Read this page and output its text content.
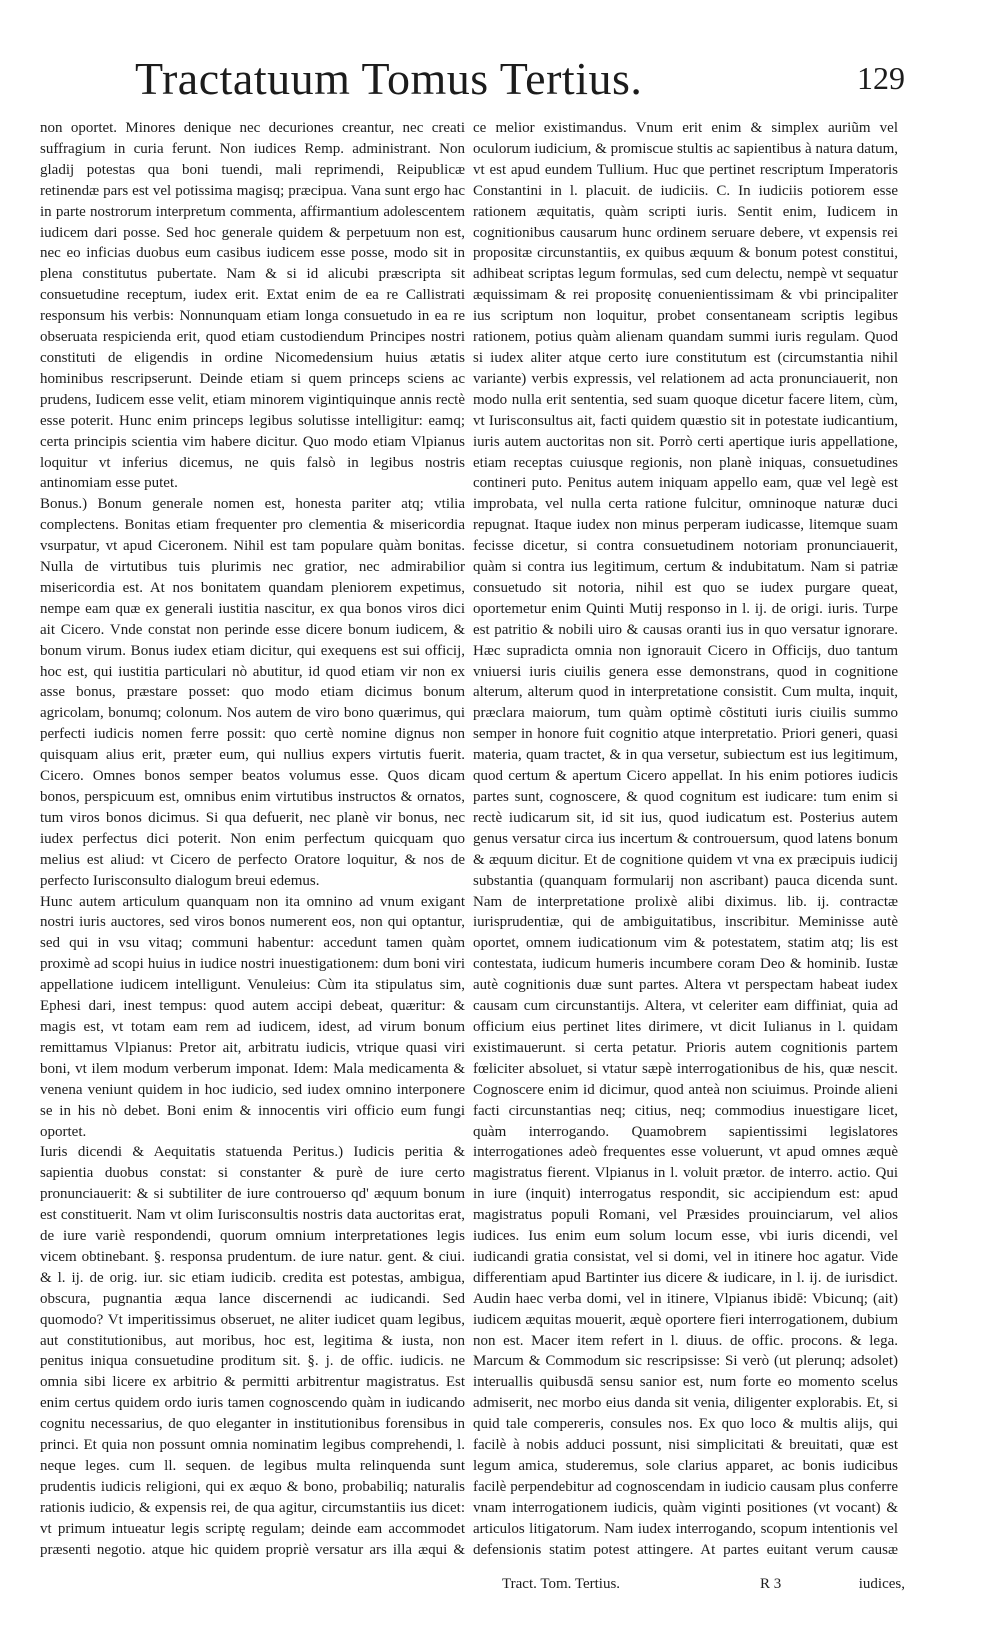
Tractatuum Tomus Tertius.	129

non oportet. Minores denique nec decuriones creantur, nec creati suffragium in curia ferunt. Non iudices Remp. administrant. Non gladij potestas qua boni tuendi, mali reprimendi, Reipublicæ retinendæ pars est vel potissima magisq; præcipua. Vana sunt ergo hac in parte nostrorum interpretum commenta, affirmantium adolescentem iudicem dari posse. Sed hoc generale quidem & perpetuum non est, nec eo inficias duobus eum casibus iudicem esse posse, modo sit in plena constitutus pubertate. Nam & si id alicubi præscripta sit consuetudine receptum, iudex erit. Extat enim de ea re Callistrati responsum his verbis: Nonnunquam etiam longa consuetudo in ea re obseruata respicienda erit, quod etiam custodiendum Principes nostri constituti de eligendis in ordine Nicomedensium huius ætatis hominibus rescripserunt. Deinde etiam si quem princeps sciens ac prudens, Iudicem esse velit, etiam minorem vigintiquinque annis rectè esse poterit. Hunc enim princeps legibus solutisse intelligitur: eamq; certa principis scientia vim habere dicitur. Quo modo etiam Vlpianus loquitur vt inferius dicemus, ne quis falsò in legibus nostris antinomiam esse putet.

Bonus.) Bonum generale nomen est, honesta pariter atq; vtilia complectens. Bonitas etiam frequenter pro clementia & misericordia vsurpatur, vt apud Ciceronem. Nihil est tam populare quàm bonitas. Nulla de virtutibus tuis plurimis nec gratior, nec admirabilior misericordia est. At nos bonitatem quandam pleniorem expetimus, nempe eam quæ ex generali iustitia nascitur, ex qua bonos viros dici ait Cicero. Vnde constat non perinde esse dicere bonum iudicem, & bonum virum. Bonus iudex etiam dicitur, qui exequens est sui officij, hoc est, qui iustitia particulari nò abutitur, id quod etiam vir non ex asse bonus, præstare posset: quo modo etiam dicimus bonum agricolam, bonumq; colonum. Nos autem de viro bono quærimus, qui perfecti iudicis nomen ferre possit: quo certè nomine dignus non quisquam alius erit, præter eum, qui nullius expers virtutis fuerit. Cicero. Omnes bonos semper beatos volumus esse. Quos dicam bonos, perspicuum est, omnibus enim virtutibus instructos & ornatos, tum viros bonos dicimus. Si qua defuerit, nec planè vir bonus, nec iudex perfectus dici poterit. Non enim perfectum quicquam quo melius est aliud: vt Cicero de perfecto Oratore loquitur, & nos de perfecto Iurisconsulto dialogum breui edemus.

Hunc autem articulum quanquam non ita omnino ad vnum exigant nostri iuris auctores, sed viros bonos numerent eos, non qui optantur, sed qui in vsu vitaq; communi habentur: accedunt tamen quàm proximè ad scopi huius in iudice nostri inuestigationem: dum boni viri appellatione iudicem intelligunt. Venuleius: Cùm ita stipulatus sim, Ephesi dari, inest tempus: quod autem accipi debeat, quæritur: & magis est, vt totam eam rem ad iudicem, idest, ad virum bonum remittamus Vlpianus: Pretor ait, arbitratu iudicis, vtrique quasi viri boni, vt ilem modum verberum imponat. Idem: Mala medicamenta & venena veniunt quidem in hoc iudicio, sed iudex omnino interponere se in his nò debet. Boni enim & innocentis viri officio eum fungi oportet.

Iuris dicendi & Aequitatis statuenda Peritus.) Iudicis peritia & sapientia duobus constat: si constanter & purè de iure certo pronunciauerit: & si subtiliter de iure controuerso qd' æquum bonum est constituerit. Nam vt olim Iurisconsultis nostris data auctoritas erat, de iure variè respondendi, quorum omnium interpretationes legis vicem obtinebant. §. responsa prudentum. de iure natur. gent. & ciui. & l. ij. de orig. iur. sic etiam iudicib. credita est potestas, ambigua, obscura, pugnantia æqua lance discernendi ac iudicandi. Sed quomodo? Vt imperitissimus obseruet, ne aliter iudicet quam legibus, aut constitutionibus, aut moribus, hoc est, legitima & iusta, non penitus iniqua consuetudine proditum sit. §. j. de offic. iudicis. ne omnia sibi licere ex arbitrio & permitti arbitrentur magistratus. Est enim certus quidem ordo iuris tamen cognoscendo quàm in iudicando cognitu necessarius, de quo eleganter in institutionibus forensibus in princi. Et quia non possunt omnia nominatim legibus comprehendi, l. neque leges. cum ll. sequen. de legibus multa relinquenda sunt prudentis iudicis religioni, qui ex æquo & bono, probabiliq; naturalis rationis iudicio, & expensis rei, de qua agitur, circumstantiis ius dicet: vt primum intueatur legis scriptę regulam; deinde eam accommodet præsenti negotio. atque hic quidem propriè versatur ars illa æqui &

ce melior existimandus. Vnum erit enim & simplex auriũm vel oculorum iudicium, & promiscue stultis ac sapientibus à natura datum, vt est apud eundem Tullium. Huc que pertinet rescriptum Imperatoris Constantini in l. placuit. de iudiciis. C. In iudiciis potiorem esse rationem æquitatis, quàm scripti iuris. Sentit enim, Iudicem in cognitionibus causarum hunc ordinem seruare debere, vt expensis rei propositæ circunstantiis, ex quibus æquum & bonum potest constitui, adhibeat scriptas legum formulas, sed cum delectu, nempè vt sequatur æquissimam & rei propositę conuenientissimam & vbi principaliter ius scriptum non loquitur, probet consentaneam scriptis legibus rationem, potius quàm alienam quandam summi iuris regulam. Quod si iudex aliter atque certo iure constitutum est (circumstantia nihil variante) verbis expressis, vel relationem ad acta pronunciauerit, non modo nulla erit sententia, sed suam quoque dicetur facere litem, cùm, vt Iurisconsultus ait, facti quidem quæstio sit in potestate iudicantium, iuris autem auctoritas non sit. Porrò certi apertique iuris appellatione, etiam receptas cuiusque regionis, non planè iniquas, consuetudines contineri puto. Penitus autem iniquam appello eam, quæ vel legè est improbata, vel nulla certa ratione fulcitur, omninoque naturæ duci repugnat. Itaque iudex non minus perperam iudicasse, litemque suam fecisse dicetur, si contra consuetudinem notoriam pronunciauerit, quàm si contra ius legitimum, certum & indubitatum. Nam si patriæ consuetudo sit notoria, nihil est quo se iudex purgare queat, oportemetur enim Quinti Mutij responso in l. ij. de origi. iuris. Turpe est patritio & nobili uiro & causas oranti ius in quo versatur ignorare. Hæc supradicta omnia non ignorauit Cicero in Officijs, duo tantum vniuersi iuris ciuilis genera esse demonstrans, quod in cognitione alterum, alterum quod in interpretatione consistit. Cum multa, inquit, præclara maiorum, tum quàm optimè cõstituti iuris ciuilis summo semper in honore fuit cognitio atque interpretatio. Priori generi, quasi materia, quam tractet, & in qua versetur, subiectum est ius legitimum, quod certum & apertum Cicero appellat. In his enim potiores iudicis partes sunt, cognoscere, & quod cognitum est iudicare: tum enim si rectè iudicarum sit, id sit ius, quod iudicatum est. Posterius autem genus versatur circa ius incertum & controuersum, quod latens bonum & æquum dicitur. Et de cognitione quidem vt vna ex præcipuis iudicij substantia (quanquam formularij non ascribant) pauca dicenda sunt. Nam de interpretatione prolixè alibi diximus. lib. ij. contractæ iurisprudentiæ, qui de ambiguitatibus, inscribitur. Meminisse autè oportet, omnem iudicationum vim & potestatem, statim atq; lis est contestata, iudicum humeris incumbere coram Deo & hominib. Iustæ autè cognitionis duæ sunt partes. Altera vt perspectam habeat iudex causam cum circunstantijs. Altera, vt celeriter eam diffiniat, quia ad officium eius pertinet lites dirimere, vt dicit Iulianus in l. quidam existimauerunt. si certa petatur. Prioris autem cognitionis partem fœliciter absoluet, si vtatur sæpè interrogationibus de his, quæ nescit. Cognoscere enim id dicimur, quod anteà non sciuimus. Proinde alieni facti circunstantias neq; citius, neq; commodius inuestigare licet, quàm interrogando. Quamobrem sapientissimi legislatores interrogationes adeò frequentes esse voluerunt, vt apud omnes æquè magistratus fierent. Vlpianus in l. voluit prætor. de interro. actio. Qui in iure (inquit) interrogatus respondit, sic accipiendum est: apud magistratus populi Romani, vel Præsides prouinciarum, vel alios iudices. Ius enim eum solum locum esse, vbi iuris dicendi, vel iudicandi gratia consistat, vel si domi, vel in itinere hoc agatur. Vide differentiam apud Bartinter ius dicere & iudicare, in l. ij. de iurisdict. Audin haec verba domi, vel in itinere, Vlpianus ibidē: Vbicunq; (ait) iudicem æquitas mouerit, æquè oportere fieri interrogationem, dubium non est. Macer item refert in l. diuus. de offic. procons. & lega. Marcum & Commodum sic rescripsisse: Si verò (ut plerunq; adsolet) interuallis quibusdā sensu sanior est, num forte eo momento scelus admiserit, nec morbo eius danda sit venia, diligenter explorabis. Et, si quid tale compereris, consules nos. Ex quo loco & multis alijs, qui facilè à nobis adduci possunt, nisi simplicitati & breuitati, quæ est legum amica, studeremus, sole clarius apparet, ac bonis iudicibus facilè perpendebitur ad cognoscendam in iudicio causam plus conferre vnam interrogationem iudicis, quàm viginti positiones (vt vocant) & articulos litigatorum. Nam iudex interrogando, scopum intentionis vel defensionis statim potest attingere. At partes euitant verum causæ

Tract. Tom. Tertius.	R 3	iudices,
